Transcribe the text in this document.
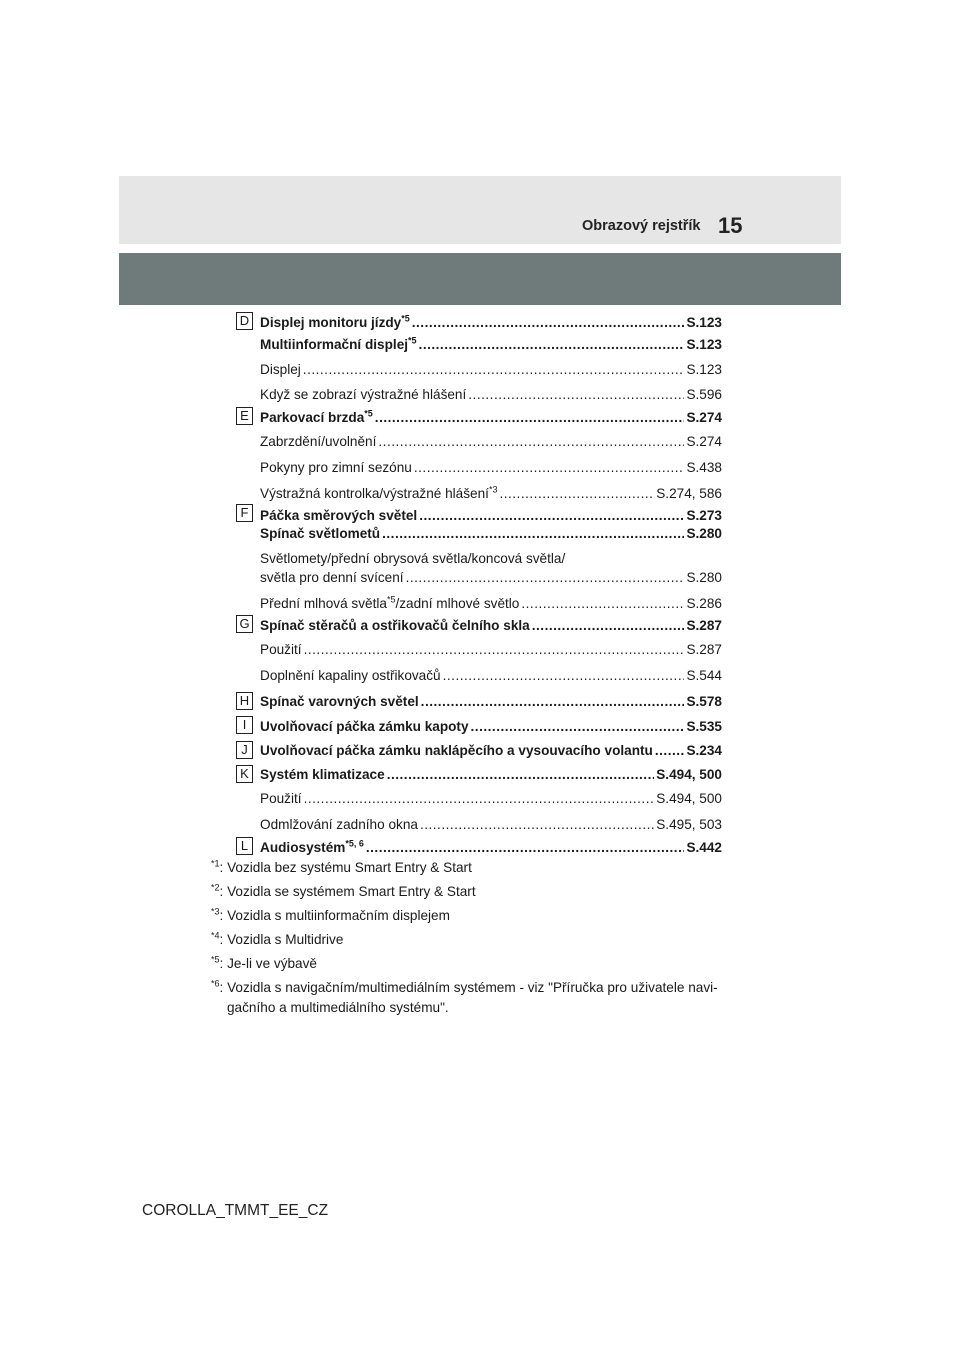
Obrazový rejstřík 15
D
E
F
G
H
I
J
K
L
Displej monitoru jízdy$^{*5}$ .....	S.123
Multiinformační displej$^{*5}$ .....	S.123
Displej .....	S.123
Když se zobrazí výstražné hlášení .....	S.596
Parkovací brzda$^{*5}$ .....	S.274
Zabrzdění/uvolnění .....	S.274
Pokyny pro zimní sezónu .....	S.438
Výstražná kontrolka/výstražné hlášení$^{*3}$ .....	S.274, 586
Páčka směrových světel .....	S.273
Spínač světlometů .....	S.280
Světlomety/přední obrysová světla/koncová světla/
světla pro denní svícení .....	S.280
Přední mlhová světla$^{*5}$/zadní mlhové světlo .....	S.286
Spínač stěračů a ostřikovačů čelního skla .....	S.287
Použití .....	S.287
Doplnění kapaliny ostřikovačů .....	S.544
Spínač varovných světel .....	S.578
Uvolňovací páčka zámku kapoty .....	S.535
Uvolňovací páčka zámku naklápěcího a vysouvacího volantu ..... S.234
Systém klimatizace .....	S.494, 500
Použití .....	S.494, 500
Odmlžování zadního okna .....	S.495, 503
Audiosystém$^{*5, 6}$ .....	S.442
$^{*1}$: Vozidla bez systému Smart Entry & Start
$^{*2}$: Vozidla se systémem Smart Entry & Start
$^{*3}$: Vozidla s multiinformačním displejem
$^{*4}$: Vozidla s Multidrive
$^{*5}$: Je-li ve výbavě
$^{*6}$: Vozidla s navigačním/multimediálním systémem - viz "Příručka pro uživatele navi-
gačního a multimediálního systému".
COROLLA_TMMT_EE_CZ
